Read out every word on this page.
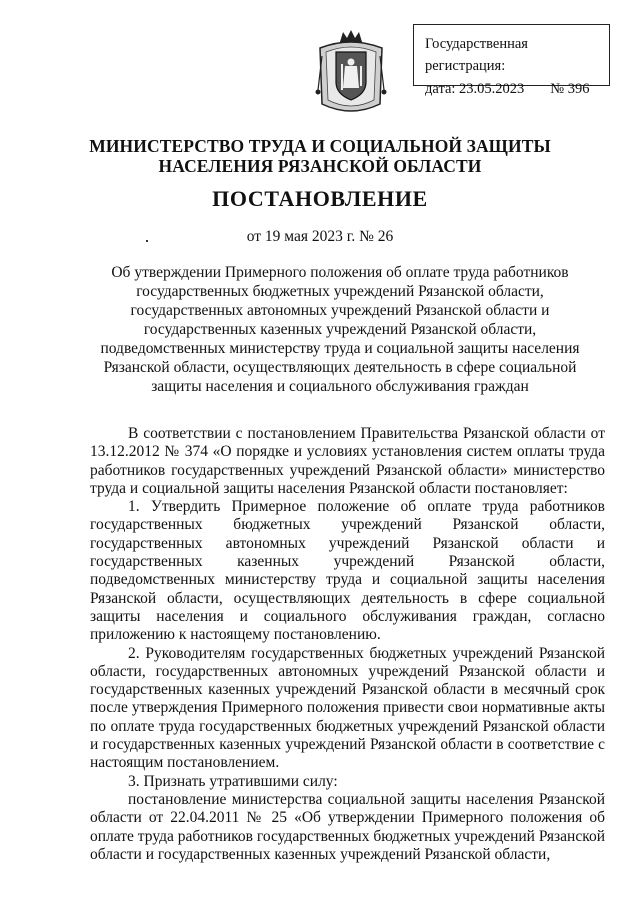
Государственная регистрация:
дата: 23.05.2023 № 396
МИНИСТЕРСТВО ТРУДА И СОЦИАЛЬНОЙ ЗАЩИТЫ НАСЕЛЕНИЯ РЯЗАНСКОЙ ОБЛАСТИ
ПОСТАНОВЛЕНИЕ
от 19 мая 2023 г. № 26
Об утверждении Примерного положения об оплате труда работников государственных бюджетных учреждений Рязанской области, государственных автономных учреждений Рязанской области и государственных казенных учреждений Рязанской области, подведомственных министерству труда и социальной защиты населения Рязанской области, осуществляющих деятельность в сфере социальной защиты населения и социального обслуживания граждан

В соответствии с постановлением Правительства Рязанской области от 13.12.2012 № 374 «О порядке и условиях установления систем оплаты труда работников государственных учреждений Рязанской области» министерство труда и социальной защиты населения Рязанской области постановляет:

1. Утвердить Примерное положение об оплате труда работников государственных бюджетных учреждений Рязанской области, государственных автономных учреждений Рязанской области и государственных казенных учреждений Рязанской области, подведомственных министерству труда и социальной защиты населения Рязанской области, осуществляющих деятельность в сфере социальной защиты населения и социального обслуживания граждан, согласно приложению к настоящему постановлению.

2. Руководителям государственных бюджетных учреждений Рязанской области, государственных автономных учреждений Рязанской области и государственных казенных учреждений Рязанской области в месячный срок после утверждения Примерного положения привести свои нормативные акты по оплате труда государственных бюджетных учреждений Рязанской области и государственных казенных учреждений Рязанской области в соответствие с настоящим постановлением.

3. Признать утратившими силу:

постановление министерства социальной защиты населения Рязанской области от 22.04.2011 № 25 «Об утверждении Примерного положения об оплате труда работников государственных бюджетных учреждений Рязанской области и государственных казенных учреждений Рязанской области,
